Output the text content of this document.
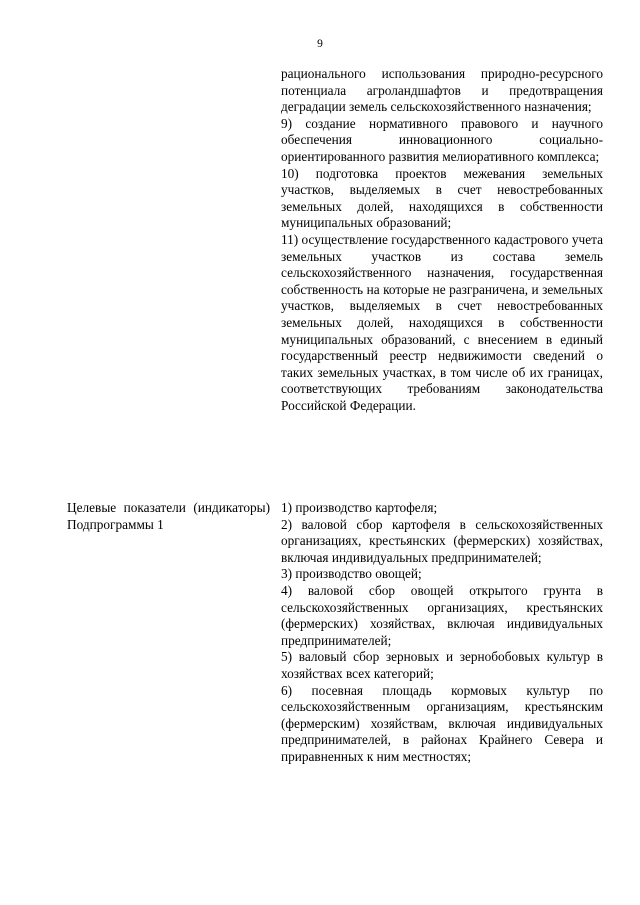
9

рационального использования природно-ресурсного потенциала агроландшафтов и предотвращения деградации земель сельскохозяйственного назначения;

9) создание нормативного правового и научного обеспечения инновационного социально-ориентированного развития мелиоративного комплекса;

10) подготовка проектов межевания земельных участков, выделяемых в счет невостребованных земельных долей, находящихся в собственности муниципальных образований;

11) осуществление государственного кадастрового учета земельных участков из состава земель сельскохозяйственного назначения, государственная собственность на которые не разграничена, и земельных участков, выделяемых в счет невостребованных земельных долей, находящихся в собственности муниципальных образований, с внесением в единый государственный реестр недвижимости сведений о таких земельных участках, в том числе об их границах, соответствующих требованиям законодательства Российской Федерации.

Целевые показатели (индикаторы) Подпрограммы 1

1) производство картофеля;

2) валовой сбор картофеля в сельскохозяйственных организациях, крестьянских (фермерских) хозяйствах, включая индивидуальных предпринимателей;

3) производство овощей;

4) валовой сбор овощей открытого грунта в сельскохозяйственных организациях, крестьянских (фермерских) хозяйствах, включая индивидуальных предпринимателей;

5) валовый сбор зерновых и зернобобовых культур в хозяйствах всех категорий;

6) посевная площадь кормовых культур по сельскохозяйственным организациям, крестьянским (фермерским) хозяйствам, включая индивидуальных предпринимателей, в районах Крайнего Севера и приравненных к ним местностях;
